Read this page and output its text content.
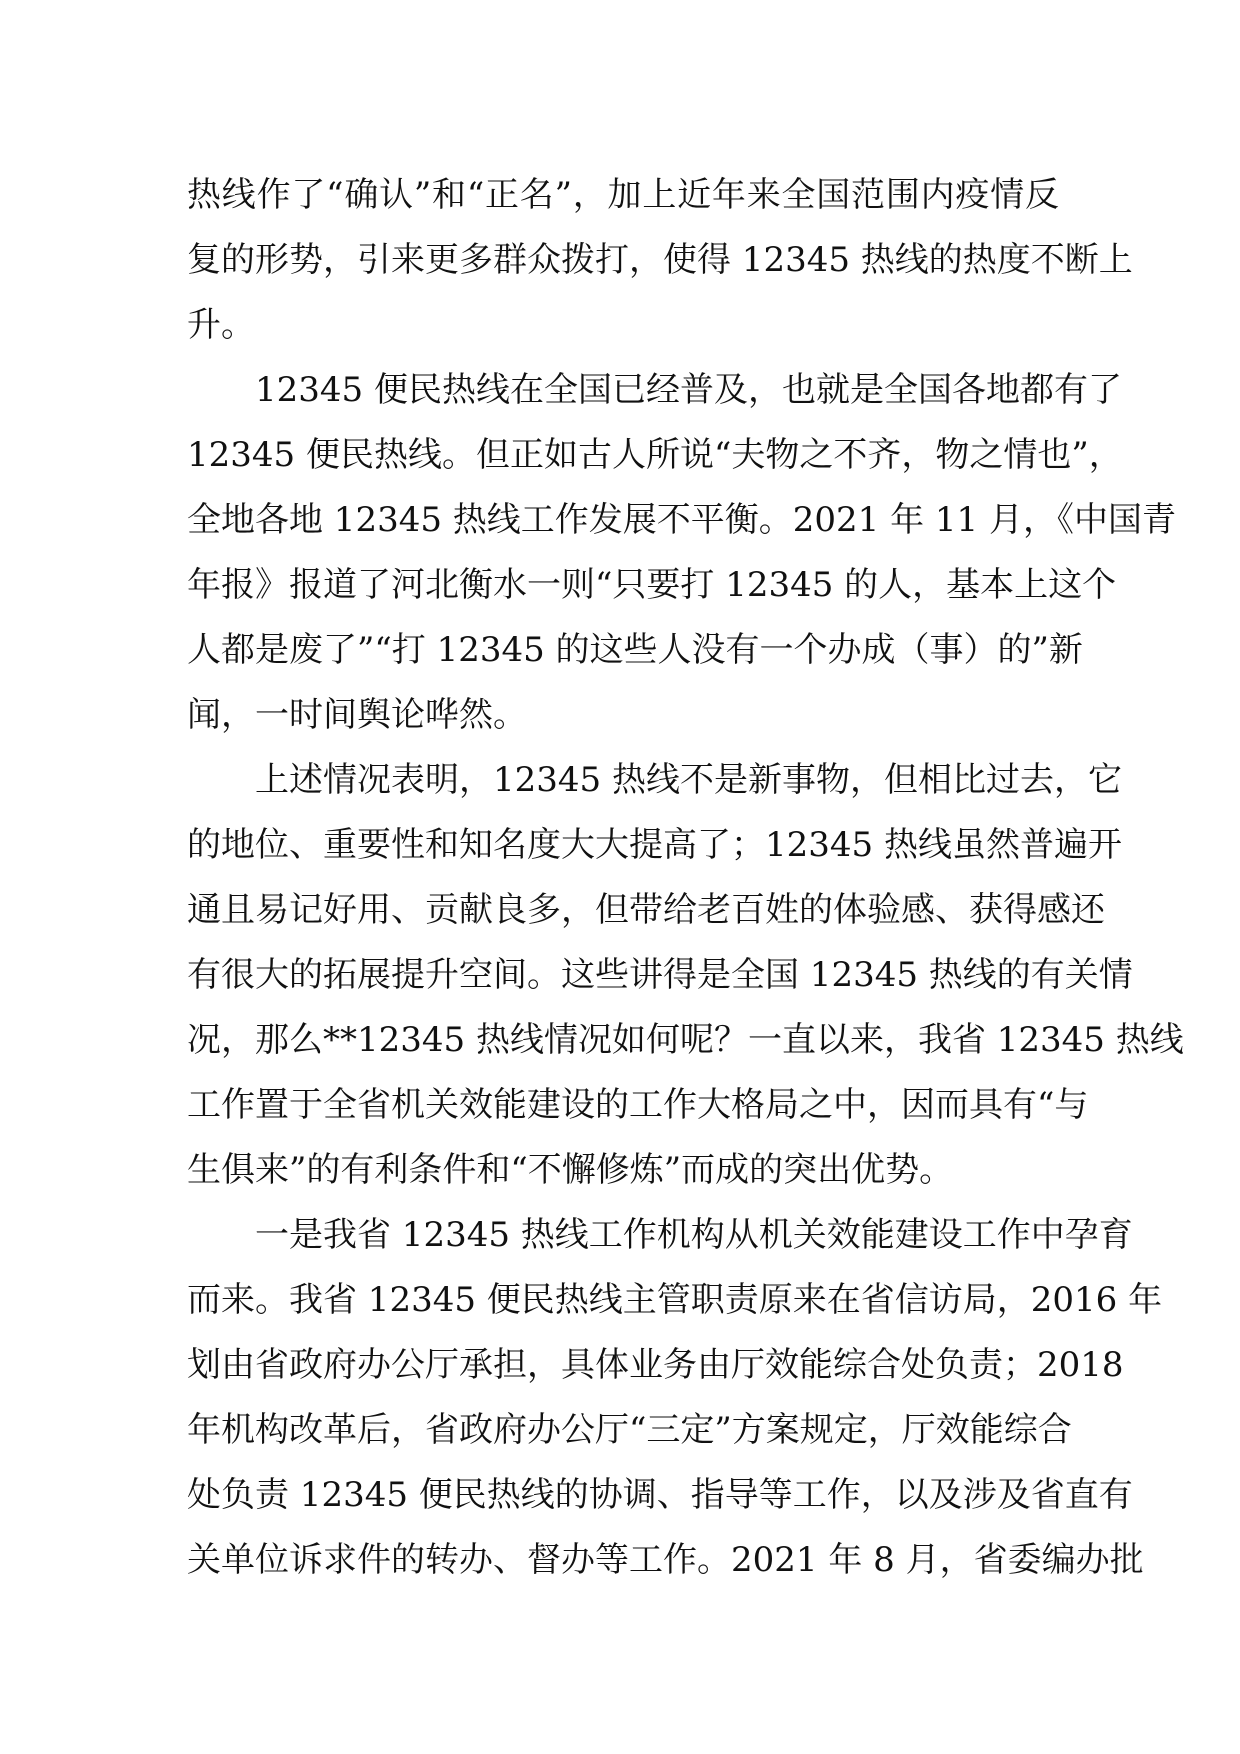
热线作了“确认”和“正名”，加上近年来全国范围内疫情反
复的形势，引来更多群众拨打，使得 12345 热线的热度不断上
升。
12345 便民热线在全国已经普及，也就是全国各地都有了
12345 便民热线。但正如古人所说“夫物之不齐，物之情也”，
全地各地 12345 热线工作发展不平衡。2021 年 11 月，《中国青
年报》报道了河北衡水一则“只要打 12345 的人，基本上这个
人都是废了”“打 12345 的这些人没有一个办成（事）的”新
闻，一时间舆论哗然。
上述情况表明，12345 热线不是新事物，但相比过去，它
的地位、重要性和知名度大大提高了；12345 热线虽然普遍开
通且易记好用、贡献良多，但带给老百姓的体验感、获得感还
有很大的拓展提升空间。这些讲得是全国 12345 热线的有关情
况，那么**12345 热线情况如何呢？一直以来，我省 12345 热线
工作置于全省机关效能建设的工作大格局之中，因而具有“与
生俱来”的有利条件和“不懈修炼”而成的突出优势。
一是我省 12345 热线工作机构从机关效能建设工作中孕育
而来。我省 12345 便民热线主管职责原来在省信访局，2016 年
划由省政府办公厅承担，具体业务由厅效能综合处负责；2018
年机构改革后，省政府办公厅“三定”方案规定，厅效能综合
处负责 12345 便民热线的协调、指导等工作，以及涉及省直有
关单位诉求件的转办、督办等工作。2021 年 8 月，省委编办批
